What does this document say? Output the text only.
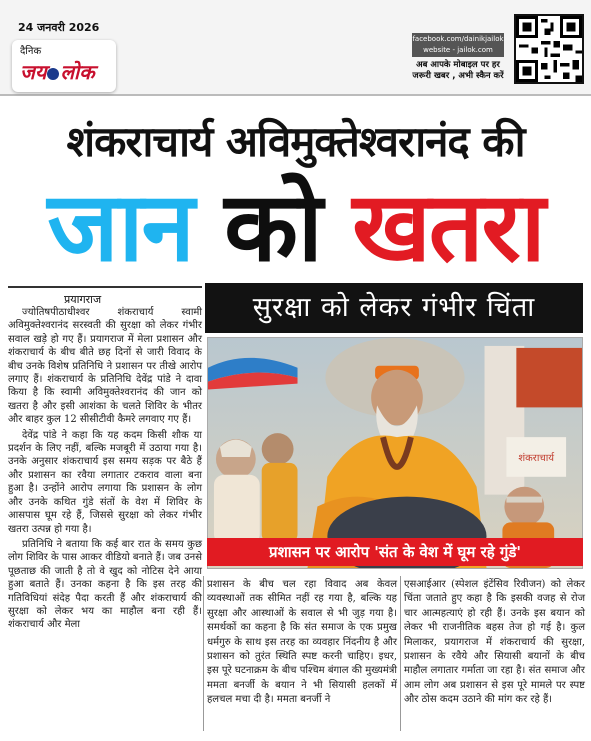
24 जनवरी 2026
दैनिक
जय लोक
facebook.com/dainikjailok
website - jailok.com
अब आपके मोबाइल पर हर
जरूरी खबर , अभी स्कैन करें
शंकराचार्य अविमुक्तेश्वरानंद की
जान को खतरा
प्रयागराज

ज्योतिषपीठाधीश्वर शंकराचार्य स्वामी अविमुक्तेश्वरानंद सरस्वती की सुरक्षा को लेकर गंभीर सवाल खड़े हो गए हैं। प्रयागराज में मेला प्रशासन और शंकराचार्य के बीच बीते छह दिनों से जारी विवाद के बीच उनके विशेष प्रतिनिधि ने प्रशासन पर तीखे आरोप लगाए हैं। शंकराचार्य के प्रतिनिधि देवेंद्र पांडे ने दावा किया है कि स्वामी अविमुक्तेश्वरानंद की जान को खतरा है और इसी आशंका के चलते शिविर के भीतर और बाहर कुल 12 सीसीटीवी कैमरे लगवाए गए हैं।

देवेंद्र पांडे ने कहा कि यह कदम किसी शौक या प्रदर्शन के लिए नहीं, बल्कि मजबूरी में उठाया गया है। उनके अनुसार शंकराचार्य इस समय सड़क पर बैठे हैं और प्रशासन का रवैया लगातार टकराव वाला बना हुआ है। उन्होंने आरोप लगाया कि प्रशासन के लोग और उनके कथित गुंडे संतों के वेश में शिविर के आसपास घूम रहे हैं, जिससे सुरक्षा को लेकर गंभीर खतरा उत्पन्न हो गया है।

प्रतिनिधि ने बताया कि कई बार रात के समय कुछ लोग शिविर के पास आकर वीडियो बनाते हैं। जब उनसे पूछताछ की जाती है तो वे खुद को नोटिस देने आया हुआ बताते हैं। उनका कहना है कि इस तरह की गतिविधियां संदेह पैदा करती हैं और शंकराचार्य की सुरक्षा को लेकर भय का माहौल बना रही हैं। शंकराचार्य और मेला

सुरक्षा को लेकर गंभीर चिंता
शंकराचार्य
प्रशासन पर आरोप 'संत के वेश में घूम रहे गुंडे'
प्रशासन के बीच चल रहा विवाद अब केवल व्यवस्थाओं तक सीमित नहीं रह गया है, बल्कि यह सुरक्षा और आस्थाओं के सवाल से भी जुड़ गया है। समर्थकों का कहना है कि संत समाज के एक प्रमुख धर्मगुरु के साथ इस तरह का व्यवहार निंदनीय है और प्रशासन को तुरंत स्थिति स्पष्ट करनी चाहिए। इधर, इस पूरे घटनाक्रम के बीच पश्चिम बंगाल की मुख्यमंत्री ममता बनर्जी के बयान ने भी सियासी हलकों में हलचल मचा दी है। ममता बनर्जी ने
एसआईआर (स्पेशल इंटेंसिव रिवीजन) को लेकर चिंता जताते हुए कहा है कि इसकी वजह से रोज चार आत्महत्याएं हो रही हैं। उनके इस बयान को लेकर भी राजनीतिक बहस तेज हो गई है। कुल मिलाकर, प्रयागराज में शंकराचार्य की सुरक्षा, प्रशासन के रवैये और सियासी बयानों के बीच माहौल लगातार गर्माता जा रहा है। संत समाज और आम लोग अब प्रशासन से इस पूरे मामले पर स्पष्ट और ठोस कदम उठाने की मांग कर रहे हैं।
